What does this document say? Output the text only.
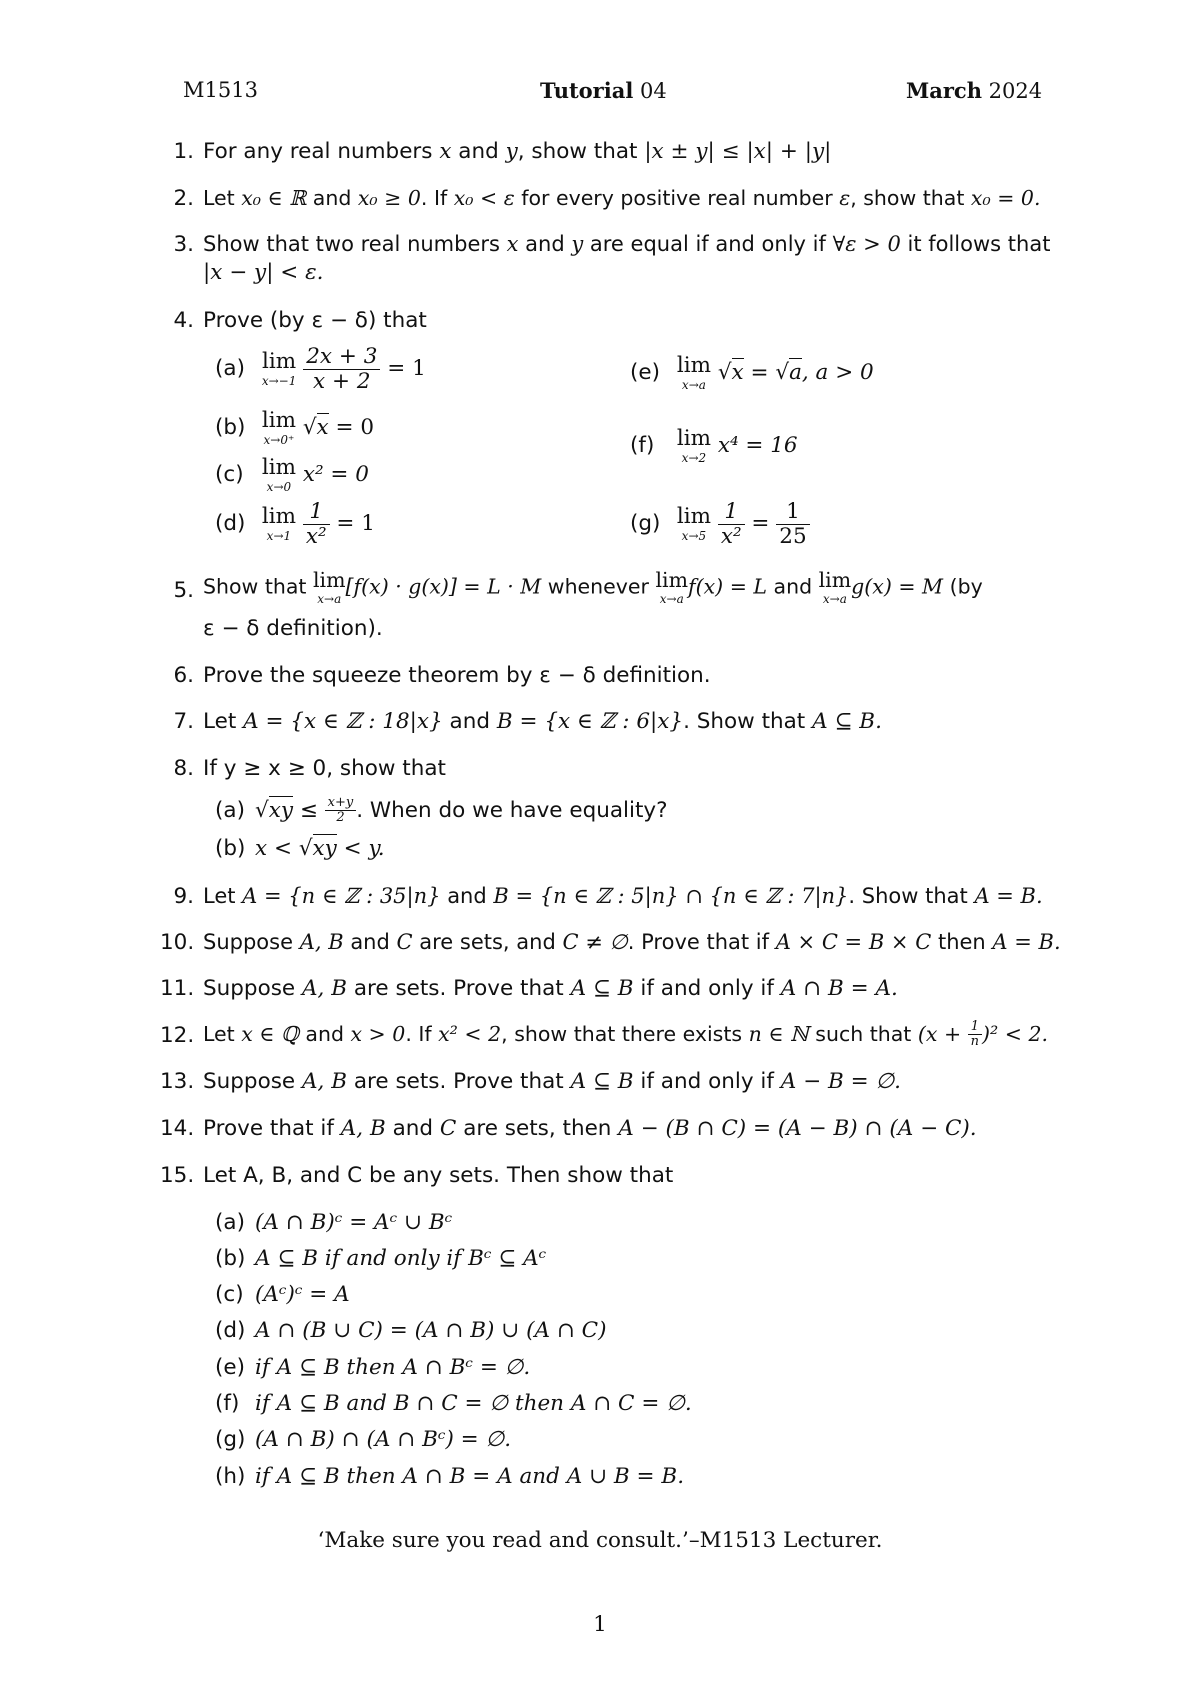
M1513	Tutorial 04	March 2024
1. For any real numbers x and y, show that |x ± y| ≤ |x| + |y|
2. Let x₀ ∈ ℝ and x₀ ≥ 0. If x₀ < ε for every positive real number ε, show that x₀ = 0.
3. Show that two real numbers x and y are equal if and only if ∀ε > 0 it follows that
|x − y| < ε.
4. Prove (by ε − δ) that
(a) lim
x→−1
$\frac{2x + 3}{x + 2} = 1$
(b) lim
x→0⁺ √x = 0
(c) lim
x→0 x² = 0
(d) lim
x→1
$\frac{1}{\text{x²}} = 1$
(e) lim
x→a √x = √a, a > 0
(f) lim
x→2 x⁴ = 16
(g) lim
x→5
$\frac{1}{\text{x²}} = \frac{1}{25}$
5. Show that lim
x→a
[f(x) · g(x)] = L · M whenever lim
x→a
f(x) = L and lim
x→a
g(x) = M (by
ε − δ definition).
6. Prove the squeeze theorem by ε − δ definition.
7. Let A = {x ∈ ℤ : 18|x} and B = {x ∈ ℤ : 6|x}. Show that A ⊆ B.
8. If y ≥ x ≥ 0, show that
(a) $√xy \le \frac{x+y}{2}$ . When do we have equality?
(b) x < √xy < y.
9. Let A = {n ∈ ℤ : 35|n} and B = {n ∈ ℤ : 5|n} ∩ {n ∈ ℤ : 7|n}. Show that A = B.
10. Suppose A, B and C are sets, and C ≠ ∅. Prove that if A × C = B × C then A = B.
11. Suppose A, B are sets. Prove that A ⊆ B if and only if A ∩ B = A.
12. Let x ∈ ℚ and x > 0. If x² < 2, show that there exists n ∈ ℕ such that $(x + \frac{1}{n} )^2 < 2$.
13. Suppose A, B are sets. Prove that A ⊆ B if and only if A − B = ∅.
14. Prove that if A, B and C are sets, then A − (B ∩ C) = (A − B) ∩ (A − C).
15. Let A, B, and C be any sets. Then show that
(a) (A ∩ B)ᶜ = Aᶜ ∪ Bᶜ
(b) A ⊆ B if and only if Bᶜ ⊆ Aᶜ
(c) (Aᶜ)ᶜ = A
(d) A ∩ (B ∪ C) = (A ∩ B) ∪ (A ∩ C)
(e) if A ⊆ B then A ∩ Bᶜ = ∅.
(f) if A ⊆ B and B ∩ C = ∅ then A ∩ C = ∅.
(g) (A ∩ B) ∩ (A ∩ Bᶜ) = ∅.
(h) if A ⊆ B then A ∩ B = A and A ∪ B = B.
‘Make sure you read and consult.’–M1513 Lecturer.
1
